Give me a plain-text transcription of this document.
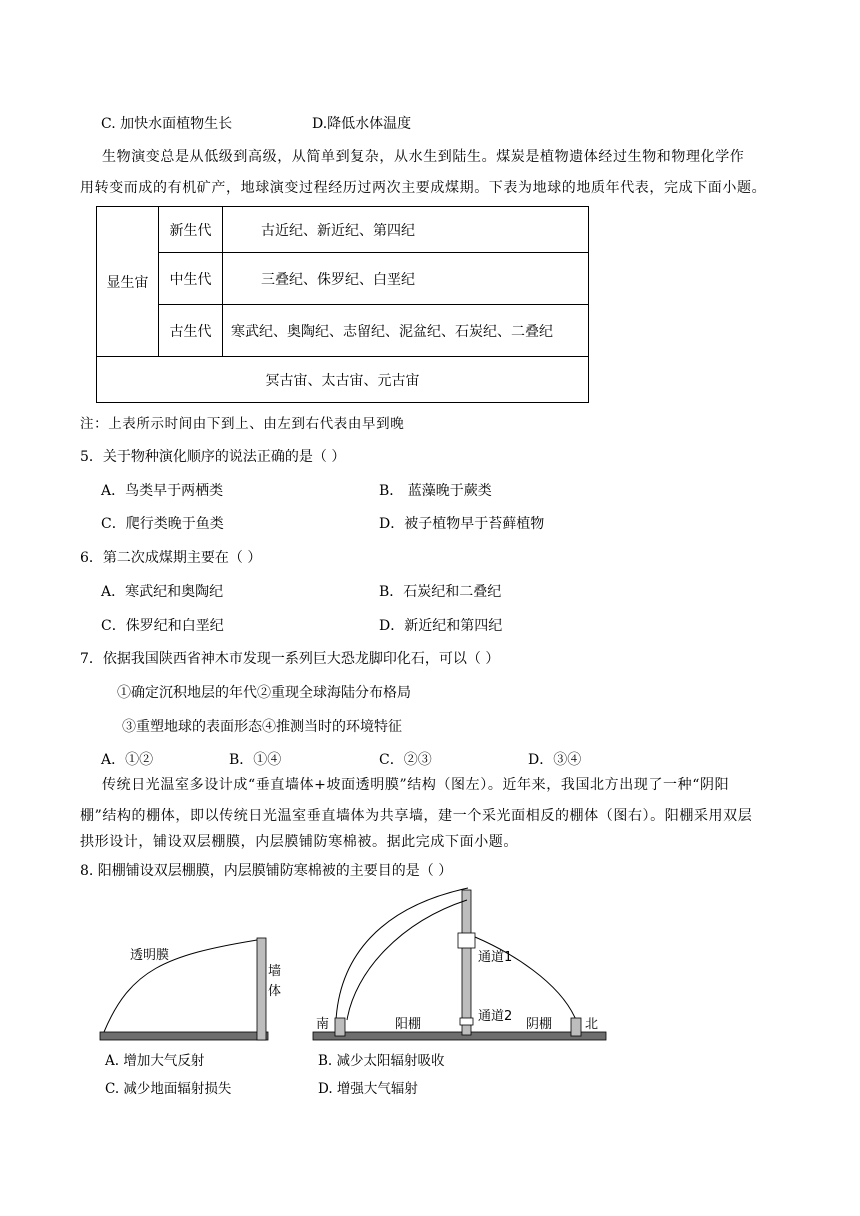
C. 加快水面植物生长	D.降低水体温度
生物演变总是从低级到高级，从简单到复杂，从水生到陆生。煤炭是植物遗体经过生物和物理化学作
用转变而成的有机矿产，地球演变过程经历过两次主要成煤期。下表为地球的地质年代表，完成下面小题。
显生宙	新生代	古近纪、新近纪、第四纪
	中生代	三叠纪、侏罗纪、白垩纪
	古生代	寒武纪、奥陶纪、志留纪、泥盆纪、石炭纪、二叠纪
冥古宙、太古宙、元古宙		
注：上表所示时间由下到上、由左到右代表由早到晚
5．关于物种演化顺序的说法正确的是（ ）
A．鸟类早于两栖类	B． 蓝藻晚于蕨类
C．爬行类晚于鱼类	D．被子植物早于苔藓植物
6．第二次成煤期主要在（ ）
A．寒武纪和奥陶纪	B．石炭纪和二叠纪
C．侏罗纪和白垩纪	D．新近纪和第四纪
7．依据我国陕西省神木市发现一系列巨大恐龙脚印化石，可以（ ）
①确定沉积地层的年代②重现全球海陆分布格局
③重塑地球的表面形态④推测当时的环境特征
A．①②	B．①④	C．②③	D．③④
传统日光温室多设计成“垂直墙体+坡面透明膜”结构（图左）。近年来，我国北方出现了一种“阴阳
棚”结构的棚体，即以传统日光温室垂直墙体为共享墙，建一个采光面相反的棚体（图右）。阳棚采用双层
拱形设计，铺设双层棚膜，内层膜铺防寒棉被。据此完成下面小题。
8. 阳棚铺设双层棚膜，内层膜铺防寒棉被的主要目的是（ ）
透明膜
墙
体
南	阳棚
通道1
通道2
阴棚	北
A. 增加大气反射	B. 减少太阳辐射吸收
C. 减少地面辐射损失	D. 增强大气辐射
